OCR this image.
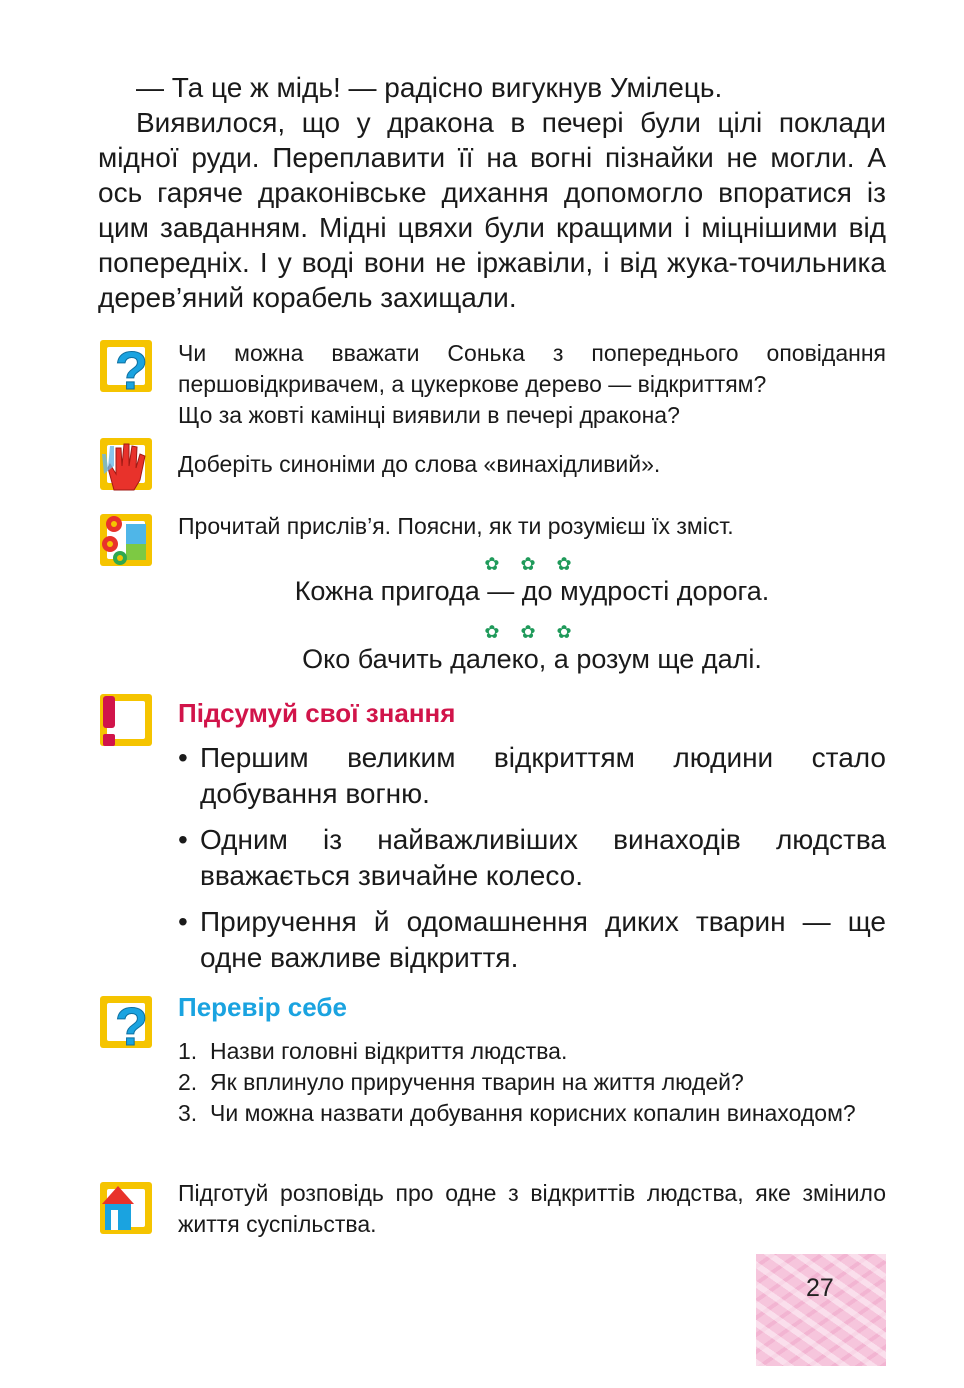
— Та це ж мідь! — радісно вигукнув Умілець.

Виявилося, що у дракона в печері були цілі поклади мідної руди. Переплавити її на вогні пізнайки не могли. А ось гаряче драконівське дихання допомогло впоратися із цим завданням. Мідні цвяхи були кращими і міцнішими від попередніх. І у воді вони не іржавіли, і від жука-точильника дерев’яний корабель захищали.

? Чи можна вважати Сонька з попереднього оповідання першовідкривачем, а цукеркове дерево — відкриттям?

Що за жовті камінці виявили в печері дракона?

Доберіть синоніми до слова «винахідливий».

Прочитай прислів’я. Поясни, як ти розумієш їх зміст.

✿ ✿ ✿
Кожна пригода — до мудрості дорога.
✿ ✿ ✿
Око бачить далеко, а розум ще далі.
Підсумуй свої знання
• Першим великим відкриттям людини стало добування вогню.

• Одним із найважливіших винаходів людства вважається звичайне колесо.

• Приручення й одомашнення диких тварин — ще одне важливе відкриття.

? Перевір себе
1. Назви головні відкриття людства.

2. Як вплинуло приручення тварин на життя людей?

3. Чи можна назвати добування корисних копалин винаходом?

Підготуй розповідь про одне з відкриттів людства, яке змінило життя суспільства.

27
